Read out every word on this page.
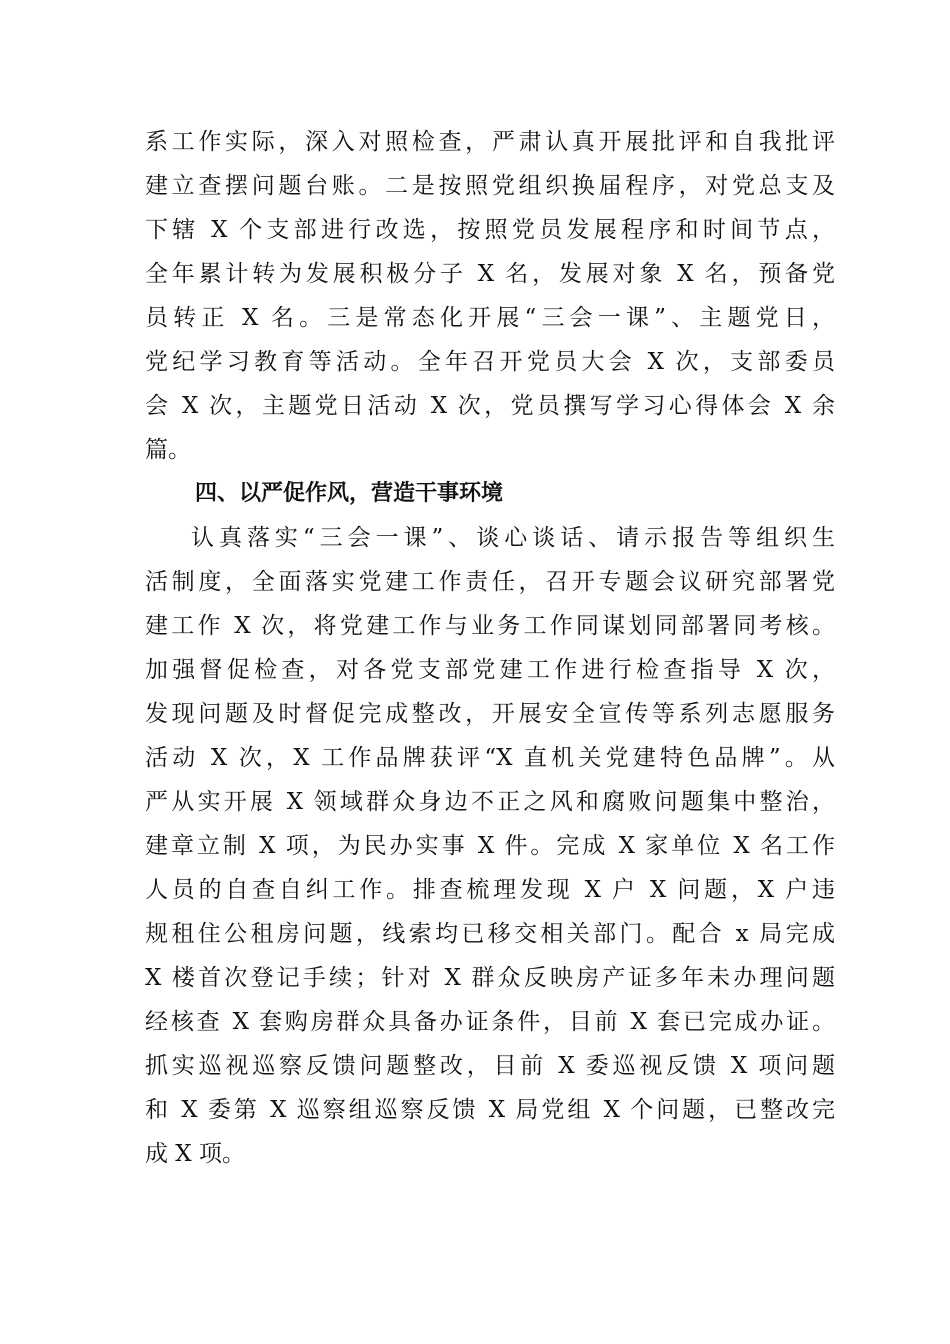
系工作实际，深入对照检查，严肃认真开展批评和自我批评
建立查摆问题台账。二是按照党组织换届程序，对党总支及
下辖 X 个支部进行改选，按照党员发展程序和时间节点，
全年累计转为发展积极分子 X 名，发展对象 X 名，预备党
员转正 X 名。三是常态化开展“三会一课”、主题党日，
党纪学习教育等活动。全年召开党员大会 X 次，支部委员
会 X 次，主题党日活动 X 次，党员撰写学习心得体会 X 余
篇。
四、以严促作风，营造干事环境
认真落实“三会一课”、谈心谈话、请示报告等组织生
活制度，全面落实党建工作责任，召开专题会议研究部署党
建工作 X 次，将党建工作与业务工作同谋划同部署同考核。
加强督促检查，对各党支部党建工作进行检查指导 X 次，
发现问题及时督促完成整改，开展安全宣传等系列志愿服务
活动 X 次，X 工作品牌获评“X 直机关党建特色品牌”。从
严从实开展 X 领域群众身边不正之风和腐败问题集中整治，
建章立制 X 项，为民办实事 X 件。完成 X 家单位 X 名工作
人员的自查自纠工作。排查梳理发现 X 户 X 问题，X 户违
规租住公租房问题，线索均已移交相关部门。配合 x 局完成
X 楼首次登记手续；针对 X 群众反映房产证多年未办理问题
经核查 X 套购房群众具备办证条件，目前 X 套已完成办证。
抓实巡视巡察反馈问题整改，目前 X 委巡视反馈 X 项问题
和 X 委第 X 巡察组巡察反馈 X 局党组 X 个问题，已整改完
成 X 项。
